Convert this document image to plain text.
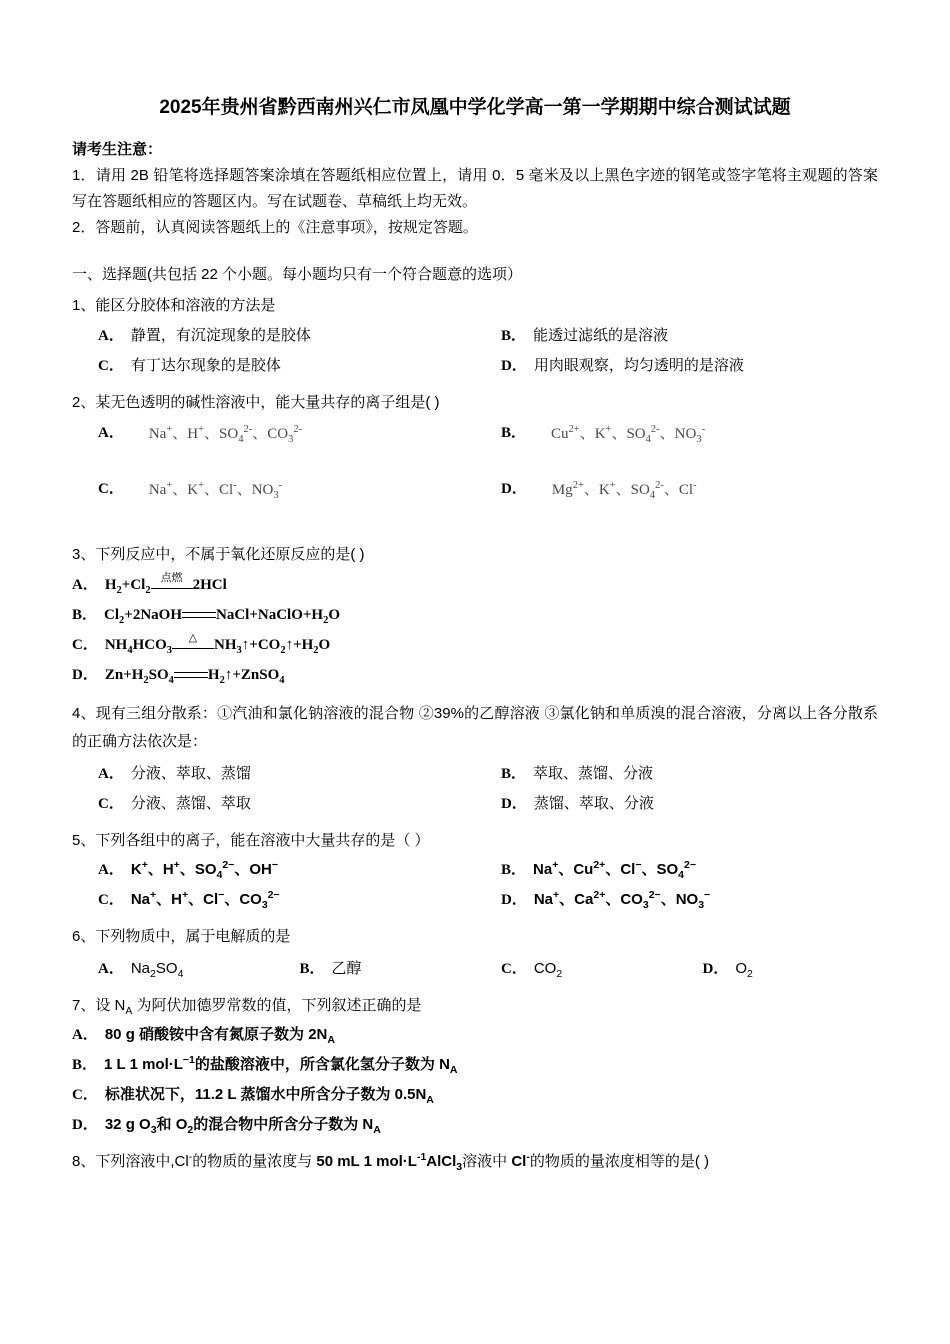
2025年贵州省黔西南州兴仁市凤凰中学化学高一第一学期期中综合测试试题
请考生注意：

1．请用 2B 铅笔将选择题答案涂填在答题纸相应位置上，请用 0．5 毫米及以上黑色字迹的钢笔或签字笔将主观题的答案写在答题纸相应的答题区内。写在试题卷、草稿纸上均无效。

2．答题前，认真阅读答题纸上的《注意事项》，按规定答题。

一、选择题(共包括 22 个小题。每小题均只有一个符合题意的选项）
1、能区分胶体和溶液的方法是
A． 静置，有沉淀现象的是胶体	B． 能透过滤纸的是溶液
C． 有丁达尔现象的是胶体	D． 用肉眼观察，均匀透明的是溶液
2、某无色透明的碱性溶液中，能大量共存的离子组是( )
A． Na+、H+、$SO_4^{2-}$、$CO_3^{2-}$	B． $Cu^{2+}$、K+、$SO_4^{2-}$、$NO_3^-$
C． Na+、K+、Cl-、$NO_3^-$	D． $Mg^{2+}$、K+、$SO_4^{2-}$、Cl-
3、下列反应中，不属于氧化还原反应的是( )
A． $H_2+Cl_2$
点燃 2HCl
B． $Cl_2+2NaOH$ $NaCl+NaClO+H_2O$
C． $NH_4HCO_3$
△	$NH_3↑+CO_2↑+H_2O$
D． $Zn+H_2SO_4$ $H_2↑+ZnSO_4$
4、现有三组分散系：①汽油和氯化钠溶液的混合物 ②39%的乙醇溶液 ③氯化钠和单质溴的混合溶液，分离以上各分散系的正确方法依次是：
A． 分液、萃取、蒸馏	B． 萃取、蒸馏、分液
C． 分液、蒸馏、萃取	D． 蒸馏、萃取、分液
5、下列各组中的离子，能在溶液中大量共存的是（ ）
A． K+、H+、$SO_4^{2-}$、OH−	B． Na+、$Cu^{2+}$、Cl−、$SO_4^{2-}$
C． Na+、H+、Cl−、$CO_3^{2-}$	D． Na+、$Ca^{2+}$、$CO_3^{2-}$、$NO_3^-$
6、下列物质中，属于电解质的是
A． $Na_2SO_4$	B． 乙醇	C． $CO_2$	D． $O_2$
7、设 $N_A$ 为阿伏加德罗常数的值，下列叙述正确的是
A． 80 g 硝酸铵中含有氮原子数为 $2N_A$
B． 1 L 1 $mol\cdot L^{-1}$的盐酸溶液中，所含氯化氢分子数为 $N_A$
C． 标准状况下，11.2 L 蒸馏水中所含分子数为 $0.5N_A$
D． 32 g $O_3$和 $O_2$的混合物中所含分子数为 $N_A$
8、下列溶液中,Cl-的物质的量浓度与 50 mL 1 $mol\cdot L^{-1}AlCl_3$溶液中 Cl-的物质的量浓度相等的是( )
